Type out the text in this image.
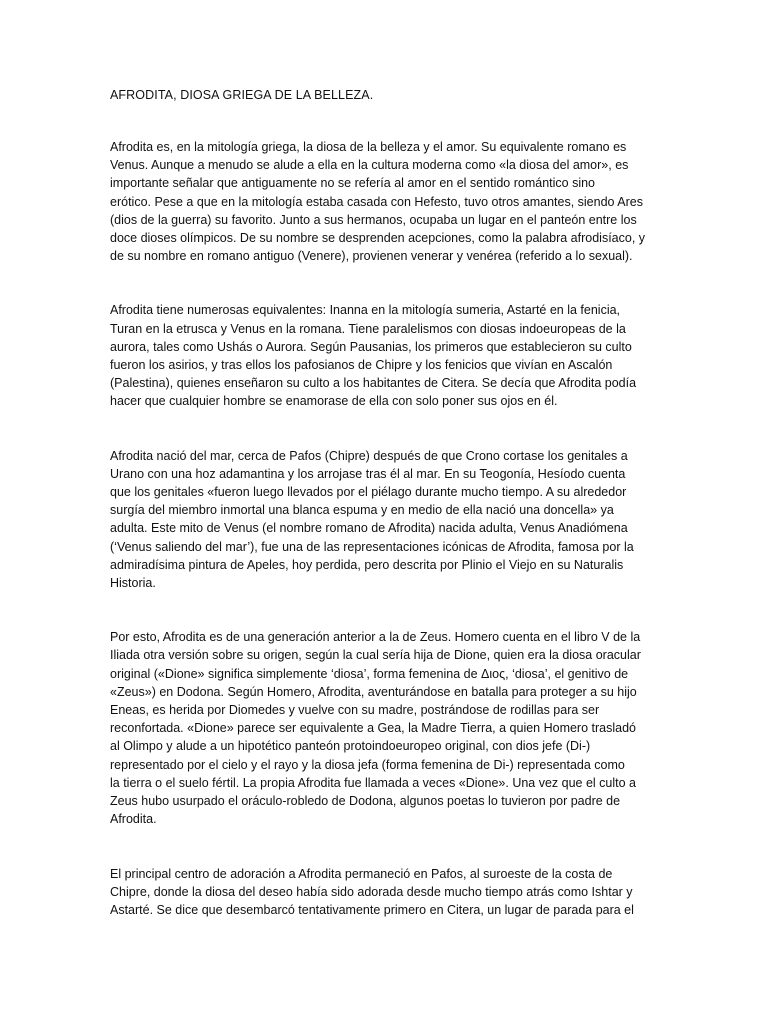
AFRODITA, DIOSA GRIEGA DE LA BELLEZA.

Afrodita es, en la mitología griega, la diosa de la belleza y el amor. Su equivalente romano es
Venus. Aunque a menudo se alude a ella en la cultura moderna como «la diosa del amor», es
importante señalar que antiguamente no se refería al amor en el sentido romántico sino
erótico. Pese a que en la mitología estaba casada con Hefesto, tuvo otros amantes, siendo Ares
(dios de la guerra) su favorito. Junto a sus hermanos, ocupaba un lugar en el panteón entre los
doce dioses olímpicos. De su nombre se desprenden acepciones, como la palabra afrodisíaco, y
de su nombre en romano antiguo (Venere), provienen venerar y venérea (referido a lo sexual).

Afrodita tiene numerosas equivalentes: Inanna en la mitología sumeria, Astarté en la fenicia,
Turan en la etrusca y Venus en la romana. Tiene paralelismos con diosas indoeuropeas de la
aurora, tales como Ushás o Aurora. Según Pausanias, los primeros que establecieron su culto
fueron los asirios, y tras ellos los pafosianos de Chipre y los fenicios que vivían en Ascalón
(Palestina), quienes enseñaron su culto a los habitantes de Citera. Se decía que Afrodita podía
hacer que cualquier hombre se enamorase de ella con solo poner sus ojos en él.

Afrodita nació del mar, cerca de Pafos (Chipre) después de que Crono cortase los genitales a
Urano con una hoz adamantina y los arrojase tras él al mar. En su Teogonía, Hesíodo cuenta
que los genitales «fueron luego llevados por el piélago durante mucho tiempo. A su alrededor
surgía del miembro inmortal una blanca espuma y en medio de ella nació una doncella» ya
adulta. Este mito de Venus (el nombre romano de Afrodita) nacida adulta, Venus Anadiómena
(‘Venus saliendo del mar’), fue una de las representaciones icónicas de Afrodita, famosa por la
admiradísima pintura de Apeles, hoy perdida, pero descrita por Plinio el Viejo en su Naturalis
Historia.

Por esto, Afrodita es de una generación anterior a la de Zeus. Homero cuenta en el libro V de la
Iliada otra versión sobre su origen, según la cual sería hija de Dione, quien era la diosa oracular
original («Dione» significa simplemente ‘diosa’, forma femenina de Διος, ‘diosa’, el genitivo de
«Zeus») en Dodona. Según Homero, Afrodita, aventurándose en batalla para proteger a su hijo
Eneas, es herida por Diomedes y vuelve con su madre, postrándose de rodillas para ser
reconfortada. «Dione» parece ser equivalente a Gea, la Madre Tierra, a quien Homero trasladó
al Olimpo y alude a un hipotético panteón protoindoeuropeo original, con dios jefe (Di-)
representado por el cielo y el rayo y la diosa jefa (forma femenina de Di-) representada como
la tierra o el suelo fértil. La propia Afrodita fue llamada a veces «Dione». Una vez que el culto a
Zeus hubo usurpado el oráculo-robledo de Dodona, algunos poetas lo tuvieron por padre de
Afrodita.

El principal centro de adoración a Afrodita permaneció en Pafos, al suroeste de la costa de
Chipre, donde la diosa del deseo había sido adorada desde mucho tiempo atrás como Ishtar y
Astarté. Se dice que desembarcó tentativamente primero en Citera, un lugar de parada para el
